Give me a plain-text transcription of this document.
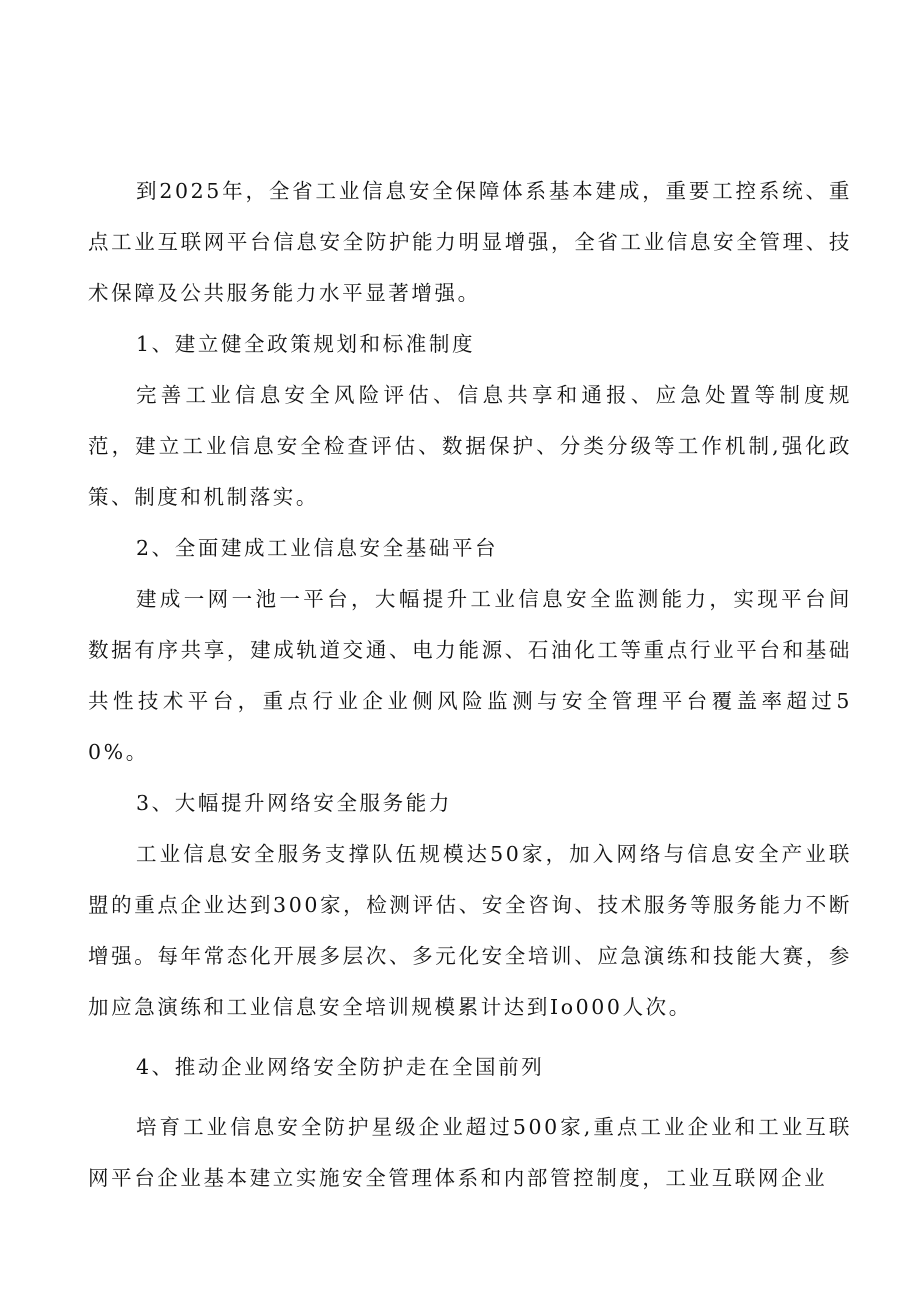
到2025年，全省工业信息安全保障体系基本建成，重要工控系统、重点工业互联网平台信息安全防护能力明显增强，全省工业信息安全管理、技术保障及公共服务能力水平显著增强。

1、建立健全政策规划和标准制度

完善工业信息安全风险评估、信息共享和通报、应急处置等制度规范，建立工业信息安全检查评估、数据保护、分类分级等工作机制,强化政策、制度和机制落实。

2、全面建成工业信息安全基础平台

建成一网一池一平台，大幅提升工业信息安全监测能力，实现平台间数据有序共享，建成轨道交通、电力能源、石油化工等重点行业平台和基础共性技术平台，重点行业企业侧风险监测与安全管理平台覆盖率超过50%。

3、大幅提升网络安全服务能力

工业信息安全服务支撑队伍规模达50家，加入网络与信息安全产业联盟的重点企业达到300家，检测评估、安全咨询、技术服务等服务能力不断增强。每年常态化开展多层次、多元化安全培训、应急演练和技能大赛，参加应急演练和工业信息安全培训规模累计达到Io000人次。

4、推动企业网络安全防护走在全国前列

培育工业信息安全防护星级企业超过500家,重点工业企业和工业互联网平台企业基本建立实施安全管理体系和内部管控制度，工业互联网企业
